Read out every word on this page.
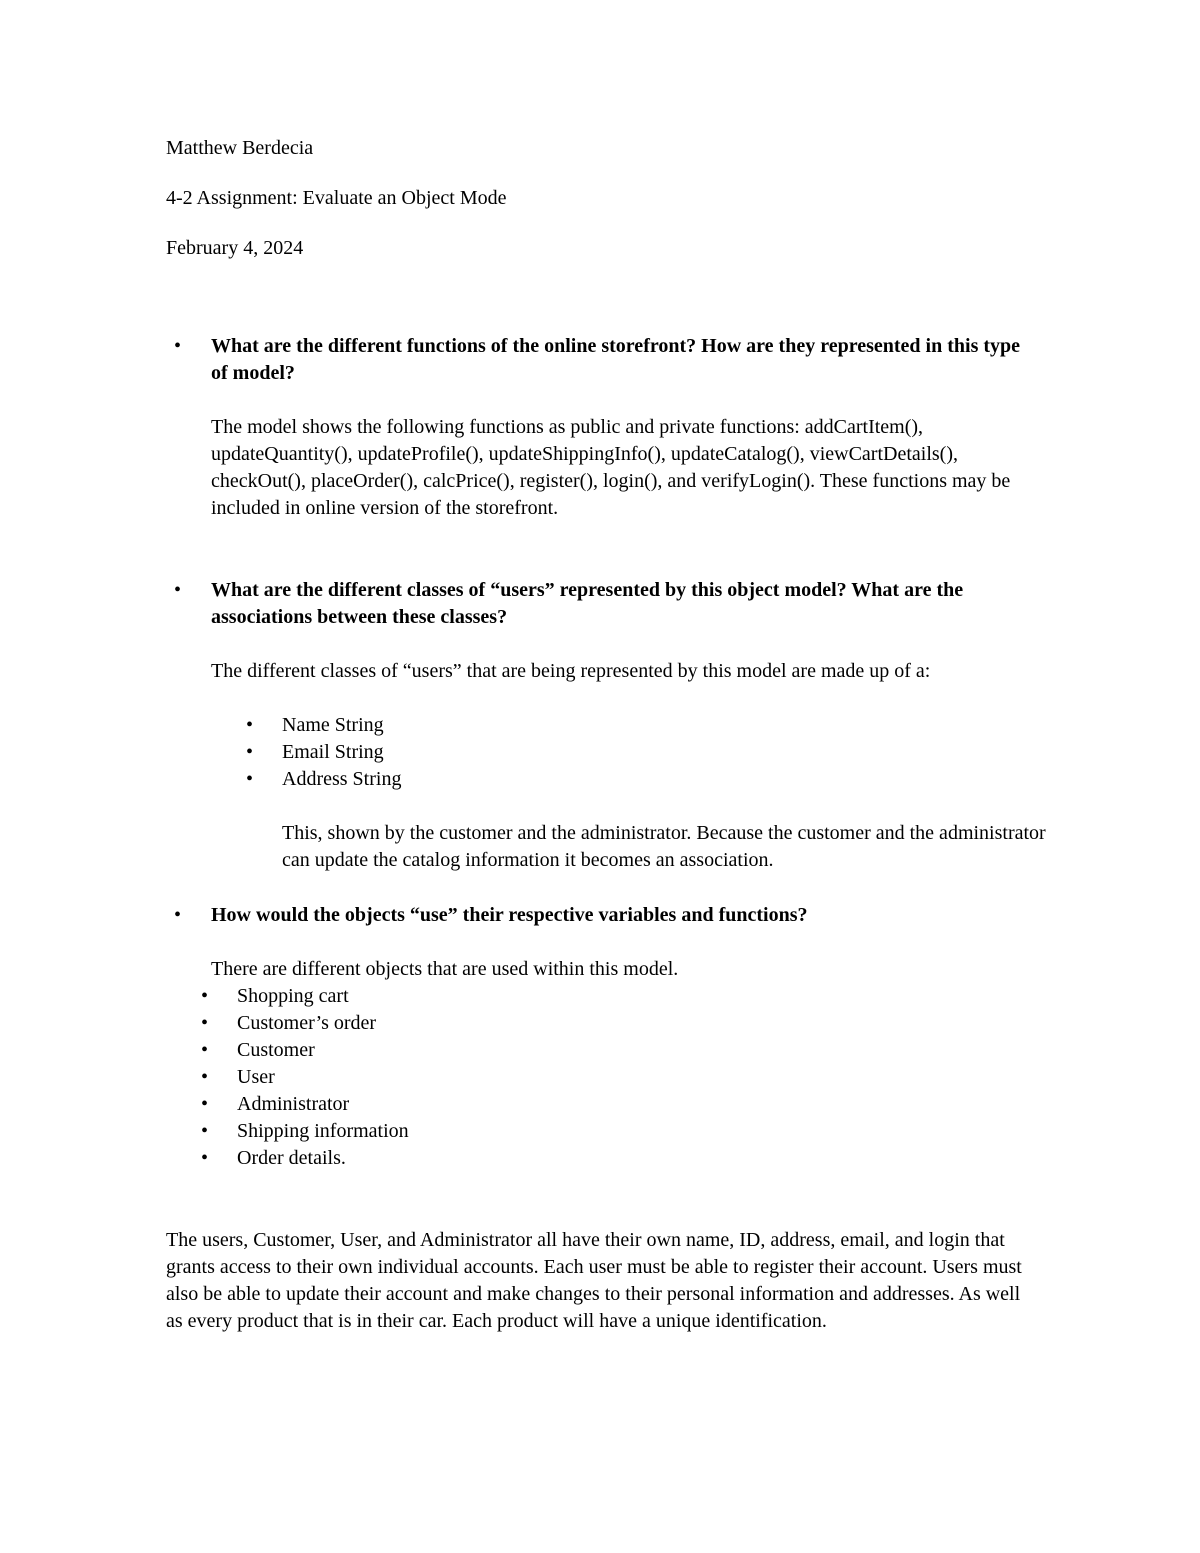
Matthew Berdecia
4-2 Assignment: Evaluate an Object Mode
February 4, 2024
• What are the different functions of the online storefront? How are they represented in this type of model?
The model shows the following functions as public and private functions: addCartItem(), updateQuantity(), updateProfile(), updateShippingInfo(), updateCatalog(), viewCartDetails(), checkOut(), placeOrder(), calcPrice(), register(), login(), and verifyLogin(). These functions may be included in online version of the storefront.
• What are the different classes of “users” represented by this object model? What are the associations between these classes?
The different classes of “users” that are being represented by this model are made up of a:
• Name String
• Email String
• Address String
This, shown by the customer and the administrator. Because the customer and the administrator can update the catalog information it becomes an association.
• How would the objects “use” their respective variables and functions?
There are different objects that are used within this model.
• Shopping cart
• Customer’s order
• Customer
• User
• Administrator
• Shipping information
• Order details.
The users, Customer, User, and Administrator all have their own name, ID, address, email, and login that grants access to their own individual accounts. Each user must be able to register their account. Users must also be able to update their account and make changes to their personal information and addresses. As well as every product that is in their car. Each product will have a unique identification.
